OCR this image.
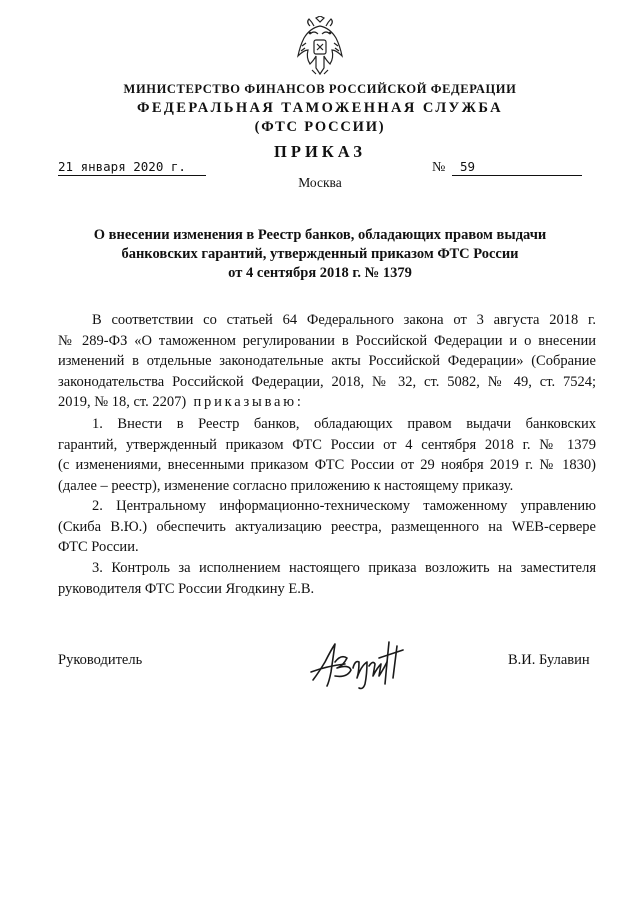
МИНИСТЕРСТВО ФИНАНСОВ РОССИЙСКОЙ ФЕДЕРАЦИИ
ФЕДЕРАЛЬНАЯ ТАМОЖЕННАЯ СЛУЖБА
(ФТС РОССИИ)
ПРИКАЗ
21 января 2020 г.	№	59
Москва
О внесении изменения в Реестр банков, обладающих правом выдачи
банковских гарантий, утвержденный приказом ФТС России
от 4 сентября 2018 г. № 1379
В соответствии со статьей 64 Федерального закона от 3 августа 2018 г.
№ 289-ФЗ «О таможенном регулировании в Российской Федерации и о внесении
изменений в отдельные законодательные акты Российской Федерации» (Собрание
законодательства Российской Федерации, 2018, № 32, ст. 5082, № 49, ст. 7524;
2019, № 18, ст. 2207) приказываю:
1. Внести в Реестр банков, обладающих правом выдачи банковских
гарантий, утвержденный приказом ФТС России от 4 сентября 2018 г. № 1379
(с изменениями, внесенными приказом ФТС России от 29 ноября 2019 г. № 1830)
(далее – реестр), изменение согласно приложению к настоящему приказу.
2. Центральному информационно-техническому таможенному управлению
(Скиба В.Ю.) обеспечить актуализацию реестра, размещенного на WEB-сервере
ФТС России.
3. Контроль за исполнением настоящего приказа возложить на заместителя
руководителя ФТС России Ягодкину Е.В.
Руководитель	В.И. Булавин
